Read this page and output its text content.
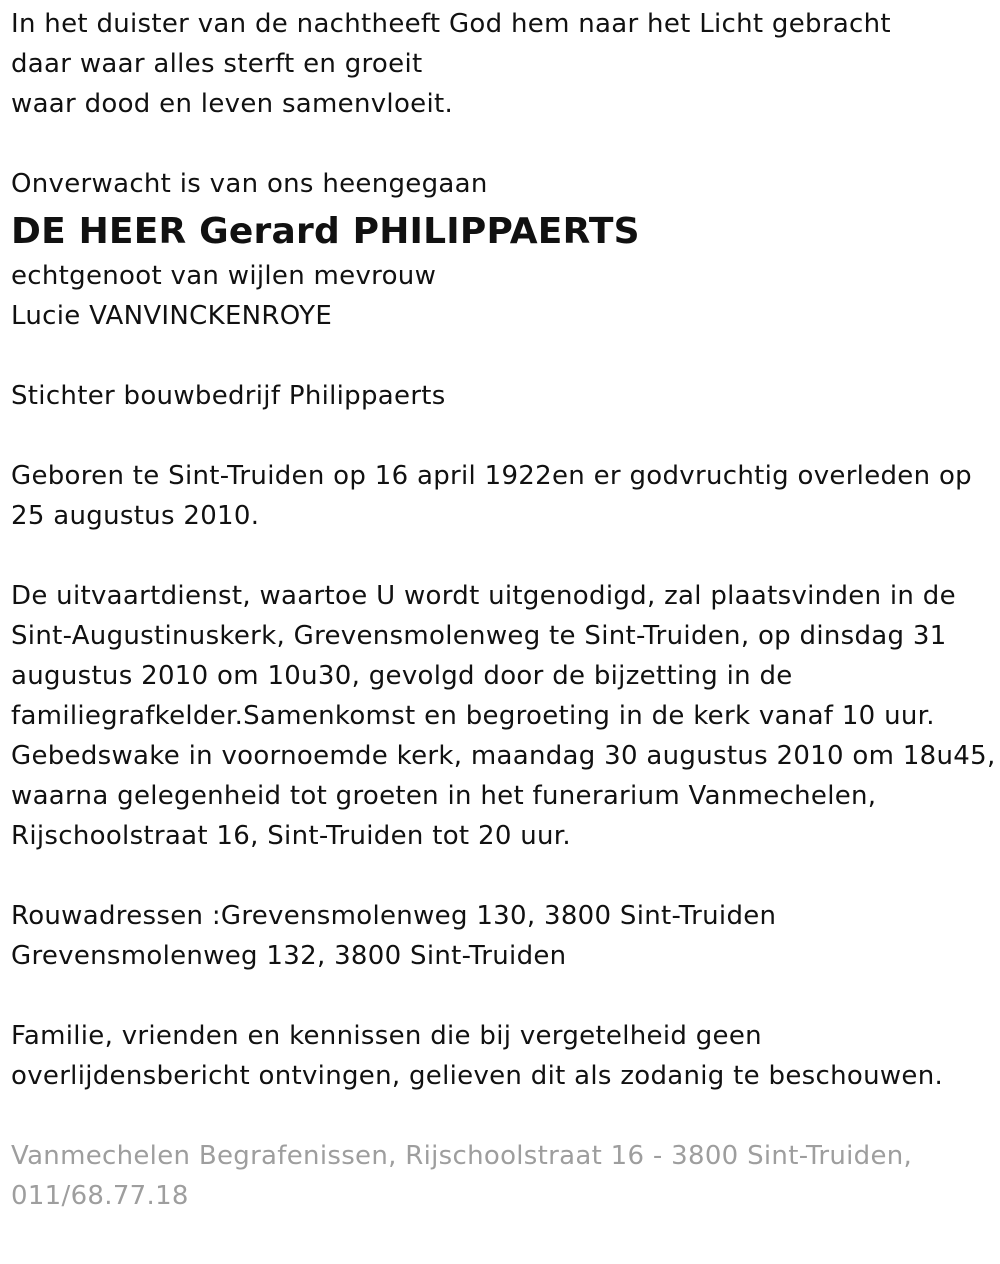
In het duister van de nachtheeft God hem naar het Licht gebracht
daar waar alles sterft en groeit
waar dood en leven samenvloeit.
Onverwacht is van ons heengegaan
DE HEER Gerard PHILIPPAERTS
echtgenoot van wijlen mevrouw
Lucie VANVINCKENROYE
Stichter bouwbedrijf Philippaerts
Geboren te Sint-Truiden op 16 april 1922en er godvruchtig overleden op
25 augustus 2010.
De uitvaartdienst, waartoe U wordt uitgenodigd, zal plaatsvinden in de
Sint-Augustinuskerk, Grevensmolenweg te Sint-Truiden, op dinsdag 31
augustus 2010 om 10u30, gevolgd door de bijzetting in de
familiegrafkelder.Samenkomst en begroeting in de kerk vanaf 10 uur.
Gebedswake in voornoemde kerk, maandag 30 augustus 2010 om 18u45,
waarna gelegenheid tot groeten in het funerarium Vanmechelen,
Rijschoolstraat 16, Sint-Truiden tot 20 uur.
Rouwadressen :Grevensmolenweg 130, 3800 Sint-Truiden
Grevensmolenweg 132, 3800 Sint-Truiden
Familie, vrienden en kennissen die bij vergetelheid geen
overlijdensbericht ontvingen, gelieven dit als zodanig te beschouwen.
Vanmechelen Begrafenissen, Rijschoolstraat 16 - 3800 Sint-Truiden,
011/68.77.18
